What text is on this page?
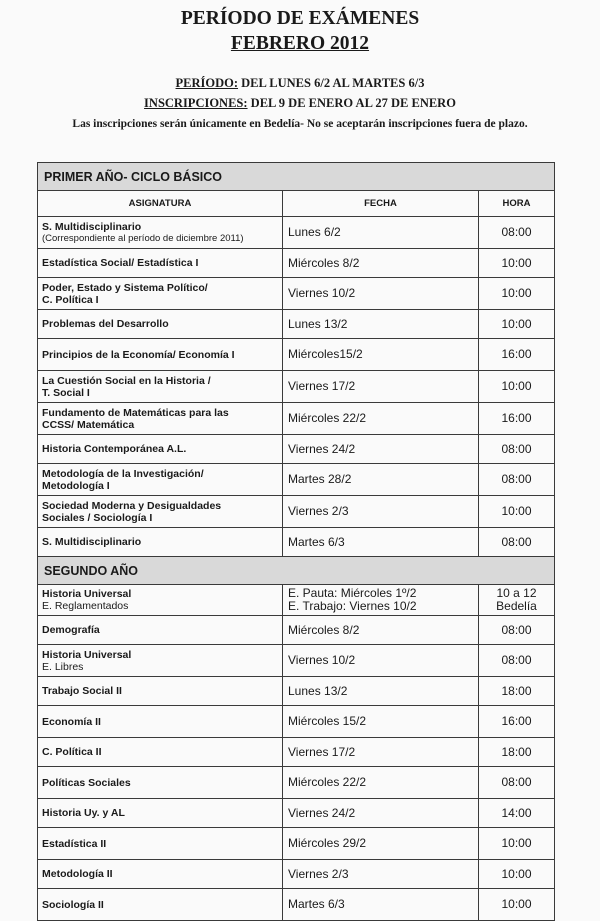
PERÍODO DE EXÁMENES
FEBRERO 2012
PERÍODO: DEL LUNES 6/2 AL MARTES 6/3
INSCRIPCIONES: DEL 9 DE ENERO AL 27 DE ENERO
Las inscripciones serán únicamente en Bedelía- No se aceptarán inscripciones fuera de plazo.
PRIMER AÑO- CICLO BÁSICO		
ASIGNATURA	FECHA	HORA

S. Multidisciplinario
(Correspondiente al período de diciembre 2011)	Lunes 6/2	08:00

Estadística Social/ Estadística I	Miércoles 8/2	10:00

Poder, Estado y Sistema Político/
C. Política I	Viernes 10/2	10:00

Problemas del Desarrollo	Lunes 13/2	10:00

Principios de la Economía/ Economía I	Miércoles15/2	16:00

La Cuestión Social en la Historia /
T. Social I	Viernes 17/2	10:00

Fundamento de Matemáticas para las
CCSS/ Matemática	Miércoles 22/2	16:00

Historia Contemporánea A.L.	Viernes 24/2	08:00

Metodología de la Investigación/
Metodología I	Martes 28/2	08:00

Sociedad Moderna y Desigualdades
Sociales / Sociología I	Viernes 2/3	10:00

S. Multidisciplinario	Martes 6/3	08:00

SEGUNDO AÑO		

Historia Universal
E. Reglamentados	E. Pauta: Miércoles 1º/2
E. Trabajo: Viernes 10/2	10 a 12
Bedelía

Demografía	Miércoles 8/2	08:00

Historia Universal
E. Libres	Viernes 10/2	08:00

Trabajo Social II	Lunes 13/2	18:00

Economía II	Miércoles 15/2	16:00

C. Política II	Viernes 17/2	18:00

Políticas Sociales	Miércoles 22/2	08:00

Historia Uy. y AL	Viernes 24/2	14:00

Estadística II	Miércoles 29/2	10:00

Metodología II	Viernes 2/3	10:00

Sociología II	Martes 6/3	10:00
